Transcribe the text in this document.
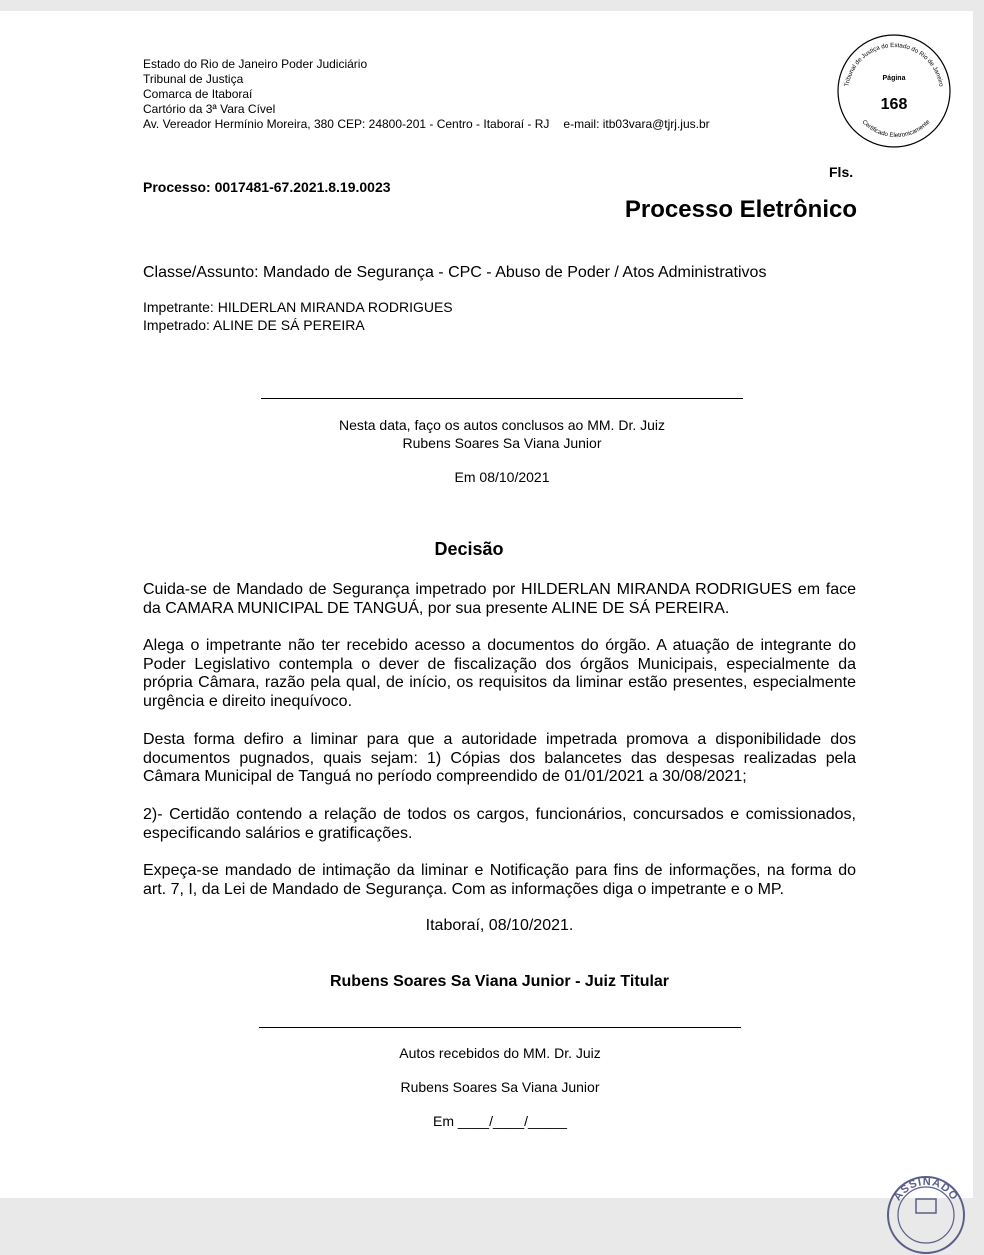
Estado do Rio de Janeiro Poder Judiciário
Tribunal de Justiça
Comarca de Itaboraí
Cartório da 3ª Vara Cível
Av. Vereador Hermínio Moreira, 380 CEP: 24800-201 - Centro - Itaboraí - RJ e-mail: itb03vara@tjrj.jus.br
Tribunal de Justiça do Estado do Rio de Janeiro
Certificado Eletronicamente
Página
168
Fls.
Processo: 0017481-67.2021.8.19.0023
Processo Eletrônico
Classe/Assunto: Mandado de Segurança - CPC - Abuso de Poder / Atos Administrativos
Impetrante: HILDERLAN MIRANDA RODRIGUES
Impetrado: ALINE DE SÁ PEREIRA
Nesta data, faço os autos conclusos ao MM. Dr. Juiz
Rubens Soares Sa Viana Junior
Em 08/10/2021
Decisão
Cuida-se de Mandado de Segurança impetrado por HILDERLAN MIRANDA RODRIGUES em face da CAMARA MUNICIPAL DE TANGUÁ, por sua presente ALINE DE SÁ PEREIRA.
Alega o impetrante não ter recebido acesso a documentos do órgão. A atuação de integrante do Poder Legislativo contempla o dever de fiscalização dos órgãos Municipais, especialmente da própria Câmara, razão pela qual, de início, os requisitos da liminar estão presentes, especialmente urgência e direito inequívoco.
Desta forma defiro a liminar para que a autoridade impetrada promova a disponibilidade dos documentos pugnados, quais sejam: 1) Cópias dos balancetes das despesas realizadas pela Câmara Municipal de Tanguá no período compreendido de 01/01/2021 a 30/08/2021;
2)- Certidão contendo a relação de todos os cargos, funcionários, concursados e comissionados, especificando salários e gratificações.
Expeça-se mandado de intimação da liminar e Notificação para fins de informações, na forma do art. 7, I, da Lei de Mandado de Segurança. Com as informações diga o impetrante e o MP.
Itaboraí, 08/10/2021.
Rubens Soares Sa Viana Junior - Juiz Titular
Autos recebidos do MM. Dr. Juiz
Rubens Soares Sa Viana Junior
Em ____/____/_____
ASSINADO
